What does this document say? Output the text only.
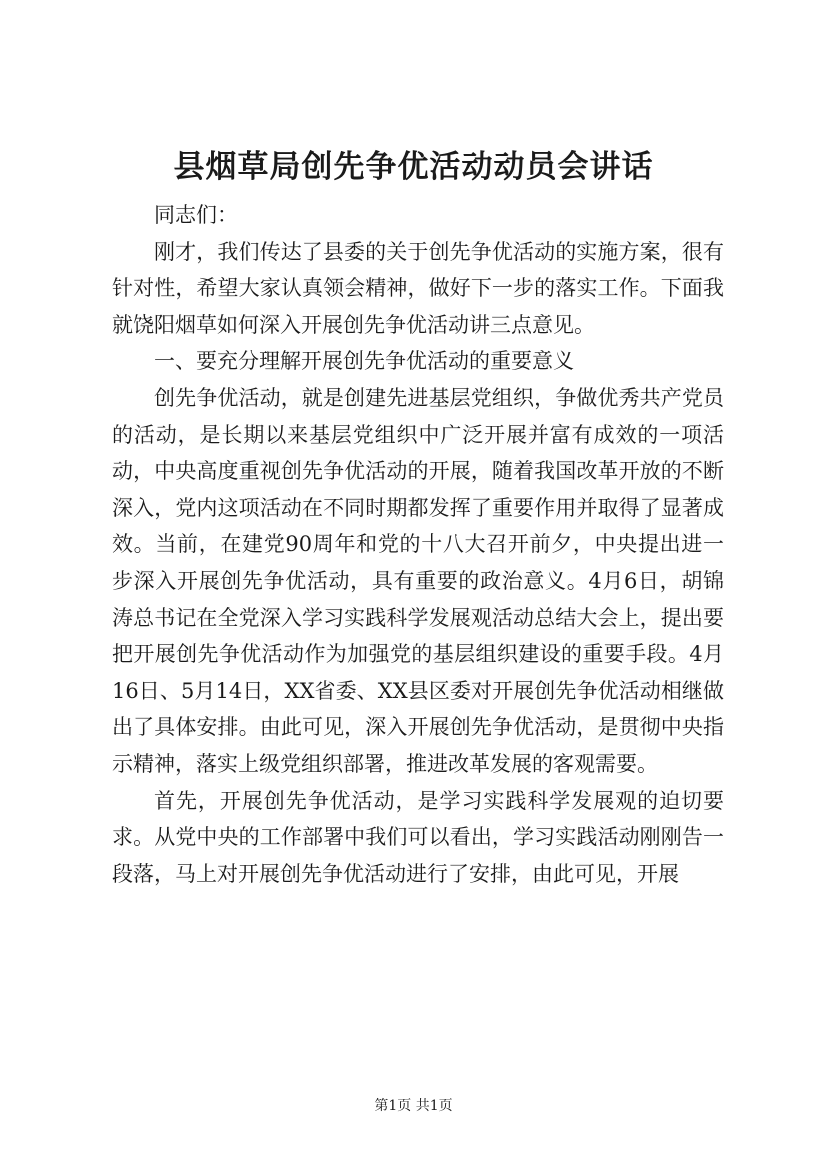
县烟草局创先争优活动动员会讲话

同志们：

刚才，我们传达了县委的关于创先争优活动的实施方案，很有针对性，希望大家认真领会精神，做好下一步的落实工作。下面我就饶阳烟草如何深入开展创先争优活动讲三点意见。

一、要充分理解开展创先争优活动的重要意义

创先争优活动，就是创建先进基层党组织，争做优秀共产党员的活动，是长期以来基层党组织中广泛开展并富有成效的一项活动，中央高度重视创先争优活动的开展，随着我国改革开放的不断深入，党内这项活动在不同时期都发挥了重要作用并取得了显著成效。当前，在建党90周年和党的十八大召开前夕，中央提出进一步深入开展创先争优活动，具有重要的政治意义。4月6日，胡锦涛总书记在全党深入学习实践科学发展观活动总结大会上，提出要把开展创先争优活动作为加强党的基层组织建设的重要手段。4月16日、5月14日，XX省委、XX县区委对开展创先争优活动相继做出了具体安排。由此可见，深入开展创先争优活动，是贯彻中央指示精神，落实上级党组织部署，推进改革发展的客观需要。

首先，开展创先争优活动，是学习实践科学发展观的迫切要求。从党中央的工作部署中我们可以看出，学习实践活动刚刚告一段落，马上对开展创先争优活动进行了安排，由此可见，开展

第1页 共1页
